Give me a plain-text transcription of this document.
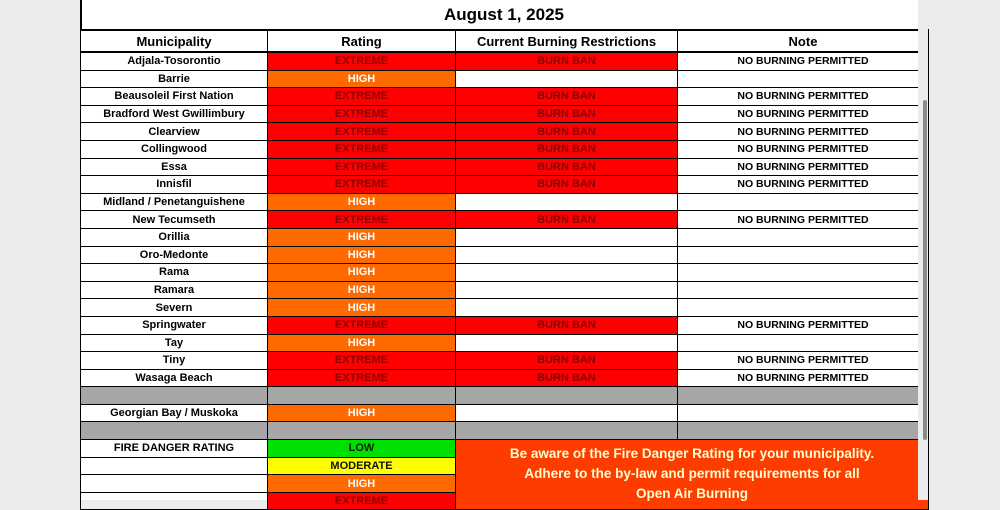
August 1, 2025
Municipality	Rating	Current Burning Restrictions	Note
Adjala-Tosorontio	EXTREME	BURN BAN	NO BURNING PERMITTED
Barrie	HIGH		
Beausoleil First Nation	EXTREME	BURN BAN	NO BURNING PERMITTED
Bradford West Gwillimbury	EXTREME	BURN BAN	NO BURNING PERMITTED
Clearview	EXTREME	BURN BAN	NO BURNING PERMITTED
Collingwood	EXTREME	BURN BAN	NO BURNING PERMITTED
Essa	EXTREME	BURN BAN	NO BURNING PERMITTED
Innisfil	EXTREME	BURN BAN	NO BURNING PERMITTED
Midland / Penetanguishene	HIGH		
New Tecumseth	EXTREME	BURN BAN	NO BURNING PERMITTED
Orillia	HIGH		
Oro-Medonte	HIGH		
Rama	HIGH		
Ramara	HIGH		
Severn	HIGH		
Springwater	EXTREME	BURN BAN	NO BURNING PERMITTED
Tay	HIGH		
Tiny	EXTREME	BURN BAN	NO BURNING PERMITTED
Wasaga Beach	EXTREME	BURN BAN	NO BURNING PERMITTED

Georgian Bay / Muskoka	HIGH		

FIRE DANGER RATING	LOW	Be aware of the Fire Danger Rating for your municipality.
Adhere to the by-law and permit requirements for all
Open Air Burning	

	MODERATE		
	HIGH		
	EXTREME		
